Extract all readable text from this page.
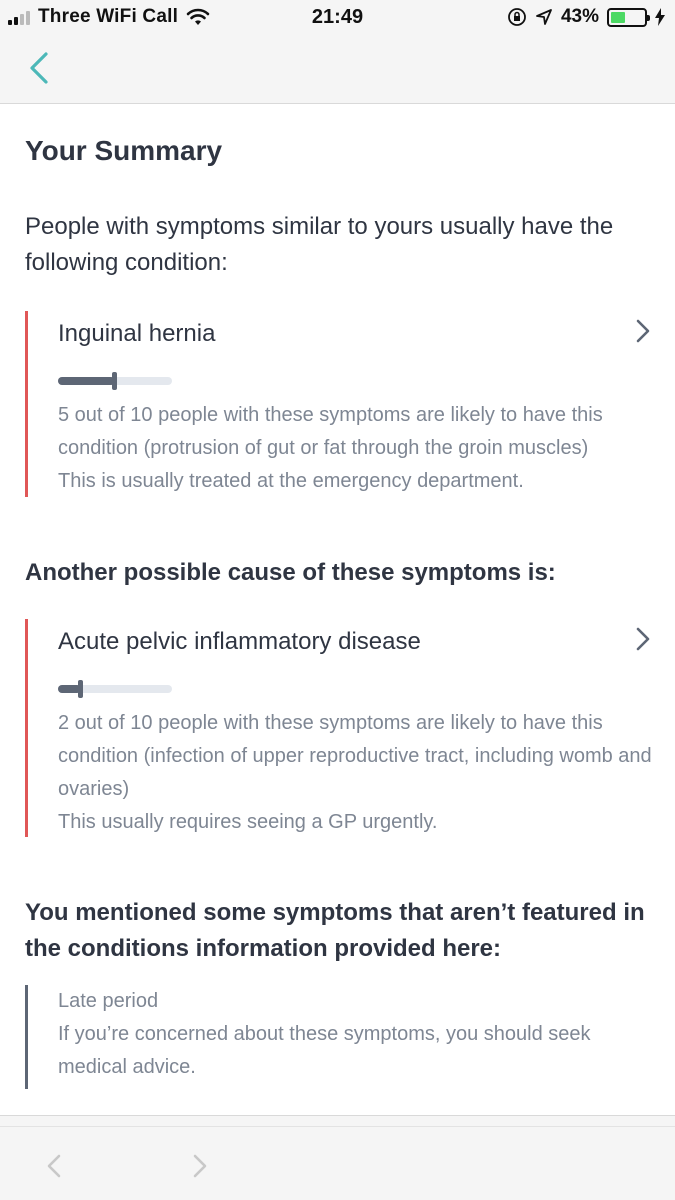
Three WiFi Call	21:49	43%
Your Summary

People with symptoms similar to yours usually have the following condition:

Inguinal hernia
5 out of 10 people with these symptoms are likely to have this condition (protrusion of gut or fat through the groin muscles)
This is usually treated at the emergency department.
Another possible cause of these symptoms is:
Acute pelvic inflammatory disease
2 out of 10 people with these symptoms are likely to have this condition (infection of upper reproductive tract, including womb and ovaries)
This usually requires seeing a GP urgently.
You mentioned some symptoms that aren’t featured in the conditions information provided here:
Late period
If you’re concerned about these symptoms, you should seek medical advice.
